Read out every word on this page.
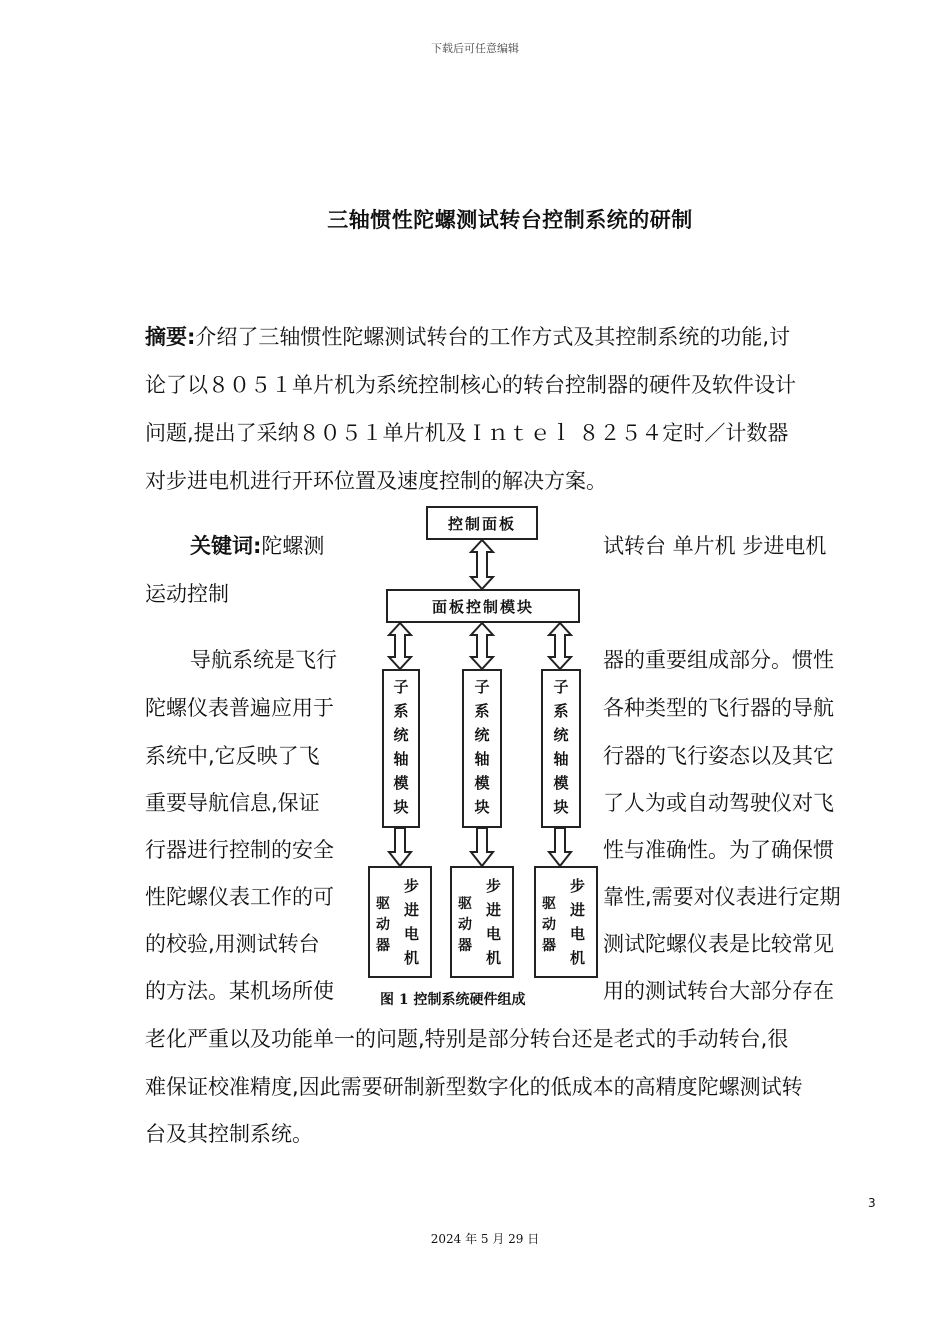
下载后可任意编辑
三轴惯性陀螺测试转台控制系统的研制
摘要:介绍了三轴惯性陀螺测试转台的工作方式及其控制系统的功能,讨
论了以８０５１单片机为系统控制核心的转台控制器的硬件及软件设计
问题,提出了采纳８０５１单片机及Ｉｎｔｅｌ ８２５４定时／计数器
对步进电机进行开环位置及速度控制的解决方案。
关键词:陀螺测	试转台 单片机 步进电机
运动控制
导航系统是飞行	器的重要组成部分。惯性
陀螺仪表普遍应用于	各种类型的飞行器的导航
系统中,它反映了飞	行器的飞行姿态以及其它
重要导航信息,保证	了人为或自动驾驶仪对飞
行器进行控制的安全	性与准确性。为了确保惯
性陀螺仪表工作的可	靠性,需要对仪表进行定期
的校验,用测试转台	测试陀螺仪表是比较常见
的方法。某机场所使	用的测试转台大部分存在
老化严重以及功能单一的问题,特别是部分转台还是老式的手动转台,很
难保证校准精度,因此需要研制新型数字化的低成本的高精度陀螺测试转
台及其控制系统。
控制面板
面板控制模块
子
系
统
轴
模
块
子
系
统
轴
模
块
子
系
统
轴
模
块
驱
动
器
步
进
电
机
驱
动
器
步
进
电
机
驱
动
器
步
进
电
机
图 1 控制系统硬件组成
3
2024 年 5 月 29 日
